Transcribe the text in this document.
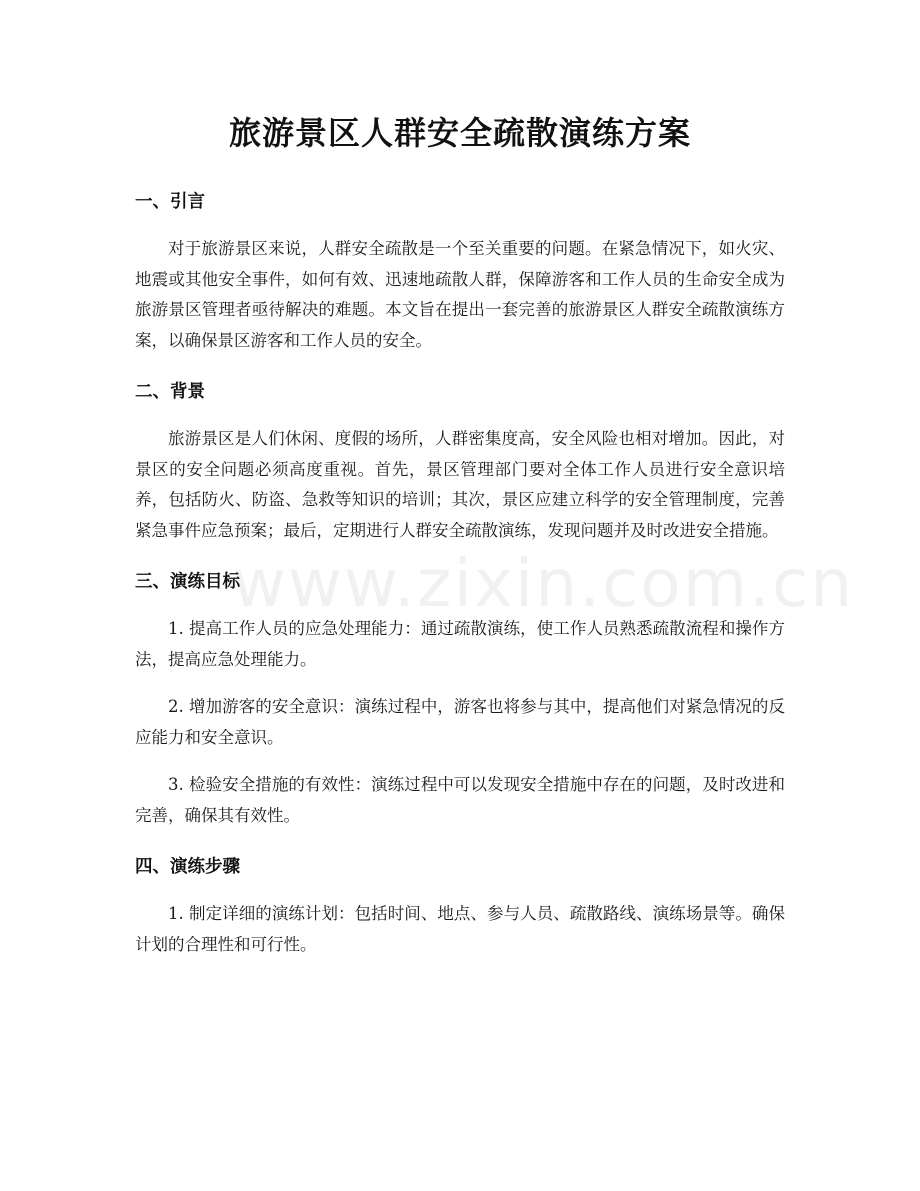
www.zixin.com.cn
旅游景区人群安全疏散演练方案
一、引言

对于旅游景区来说，人群安全疏散是一个至关重要的问题。在紧急情况下，如火灾、地震或其他安全事件，如何有效、迅速地疏散人群，保障游客和工作人员的生命安全成为旅游景区管理者亟待解决的难题。本文旨在提出一套完善的旅游景区人群安全疏散演练方案，以确保景区游客和工作人员的安全。

二、背景

旅游景区是人们休闲、度假的场所，人群密集度高，安全风险也相对增加。因此，对景区的安全问题必须高度重视。首先，景区管理部门要对全体工作人员进行安全意识培养，包括防火、防盗、急救等知识的培训；其次，景区应建立科学的安全管理制度，完善紧急事件应急预案；最后，定期进行人群安全疏散演练，发现问题并及时改进安全措施。

三、演练目标

1. 提高工作人员的应急处理能力：通过疏散演练，使工作人员熟悉疏散流程和操作方法，提高应急处理能力。

2. 增加游客的安全意识：演练过程中，游客也将参与其中，提高他们对紧急情况的反应能力和安全意识。

3. 检验安全措施的有效性：演练过程中可以发现安全措施中存在的问题，及时改进和完善，确保其有效性。

四、演练步骤

1. 制定详细的演练计划：包括时间、地点、参与人员、疏散路线、演练场景等。确保计划的合理性和可行性。
